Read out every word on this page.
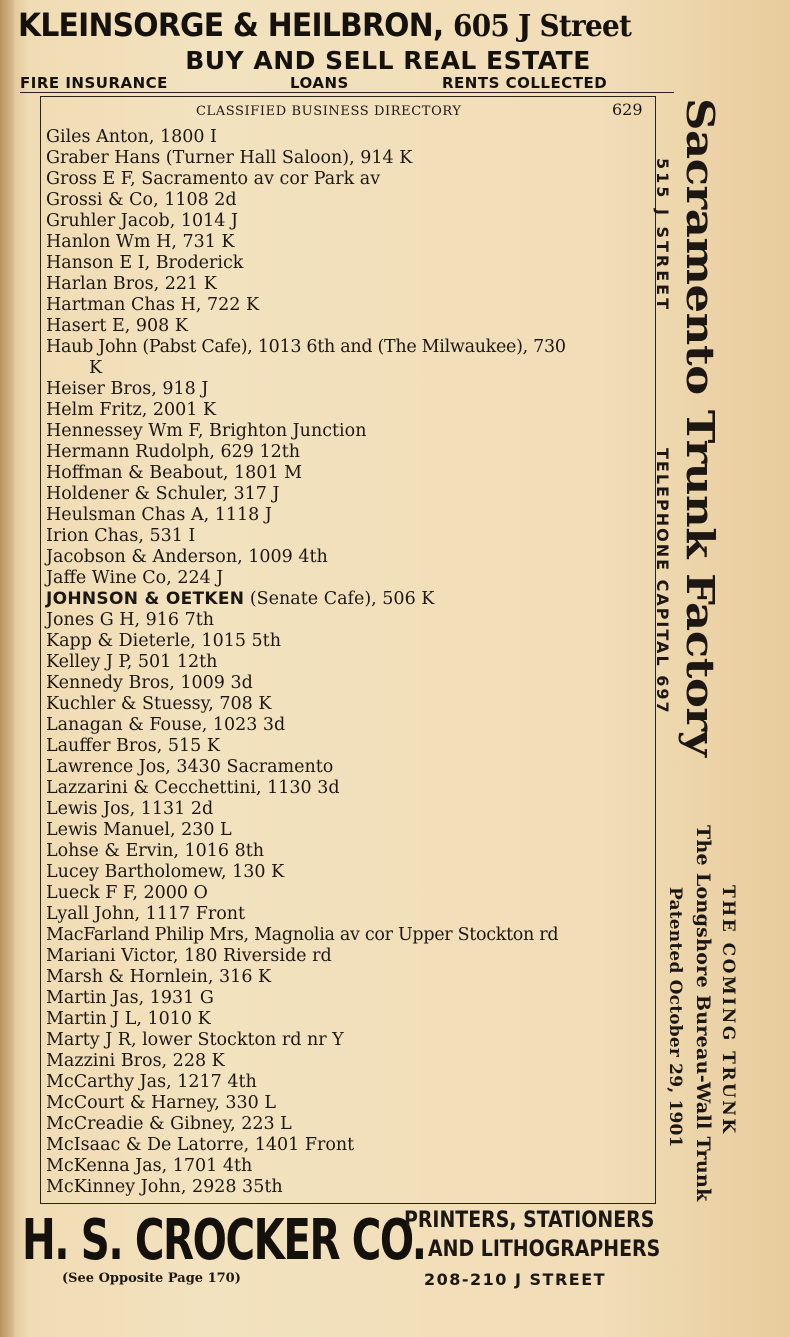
KLEINSORGE & HEILBRON, 605 J Street
BUY AND SELL REAL ESTATE
FIRE INSURANCE	LOANS	RENTS COLLECTED
CLASSIFIED BUSINESS DIRECTORY	629
Giles Anton, 1800 I
Graber Hans (Turner Hall Saloon), 914 K
Gross E F, Sacramento av cor Park av
Grossi & Co, 1108 2d
Gruhler Jacob, 1014 J
Hanlon Wm H, 731 K
Hanson E I, Broderick
Harlan Bros, 221 K
Hartman Chas H, 722 K
Hasert E, 908 K
Haub John (Pabst Cafe), 1013 6th and (The Milwaukee), 730
K
Heiser Bros, 918 J
Helm Fritz, 2001 K
Hennessey Wm F, Brighton Junction
Hermann Rudolph, 629 12th
Hoffman & Beabout, 1801 M
Holdener & Schuler, 317 J
Heulsman Chas A, 1118 J
Irion Chas, 531 I
Jacobson & Anderson, 1009 4th
Jaffe Wine Co, 224 J
JOHNSON & OETKEN (Senate Cafe), 506 K
Jones G H, 916 7th
Kapp & Dieterle, 1015 5th
Kelley J P, 501 12th
Kennedy Bros, 1009 3d
Kuchler & Stuessy, 708 K
Lanagan & Fouse, 1023 3d
Lauffer Bros, 515 K
Lawrence Jos, 3430 Sacramento
Lazzarini & Cecchettini, 1130 3d
Lewis Jos, 1131 2d
Lewis Manuel, 230 L
Lohse & Ervin, 1016 8th
Lucey Bartholomew, 130 K
Lueck F F, 2000 O
Lyall John, 1117 Front
MacFarland Philip Mrs, Magnolia av cor Upper Stockton rd
Mariani Victor, 180 Riverside rd
Marsh & Hornlein, 316 K
Martin Jas, 1931 G
Martin J L, 1010 K
Marty J R, lower Stockton rd nr Y
Mazzini Bros, 228 K
McCarthy Jas, 1217 4th
McCourt & Harney, 330 L
McCreadie & Gibney, 223 L
McIsaac & De Latorre, 1401 Front
McKenna Jas, 1701 4th
McKinney John, 2928 35th
Sacramento Trunk Factory
515 J STREET
TELEPHONE CAPITAL 697
THE COMING TRUNK
The Longshore Bureau-Wall Trunk
Patented October 29, 1901
H. S. CROCKER CO.
PRINTERS, STATIONERS
AND LITHOGRAPHERS
(See Opposite Page 170)	208-210 J STREET
